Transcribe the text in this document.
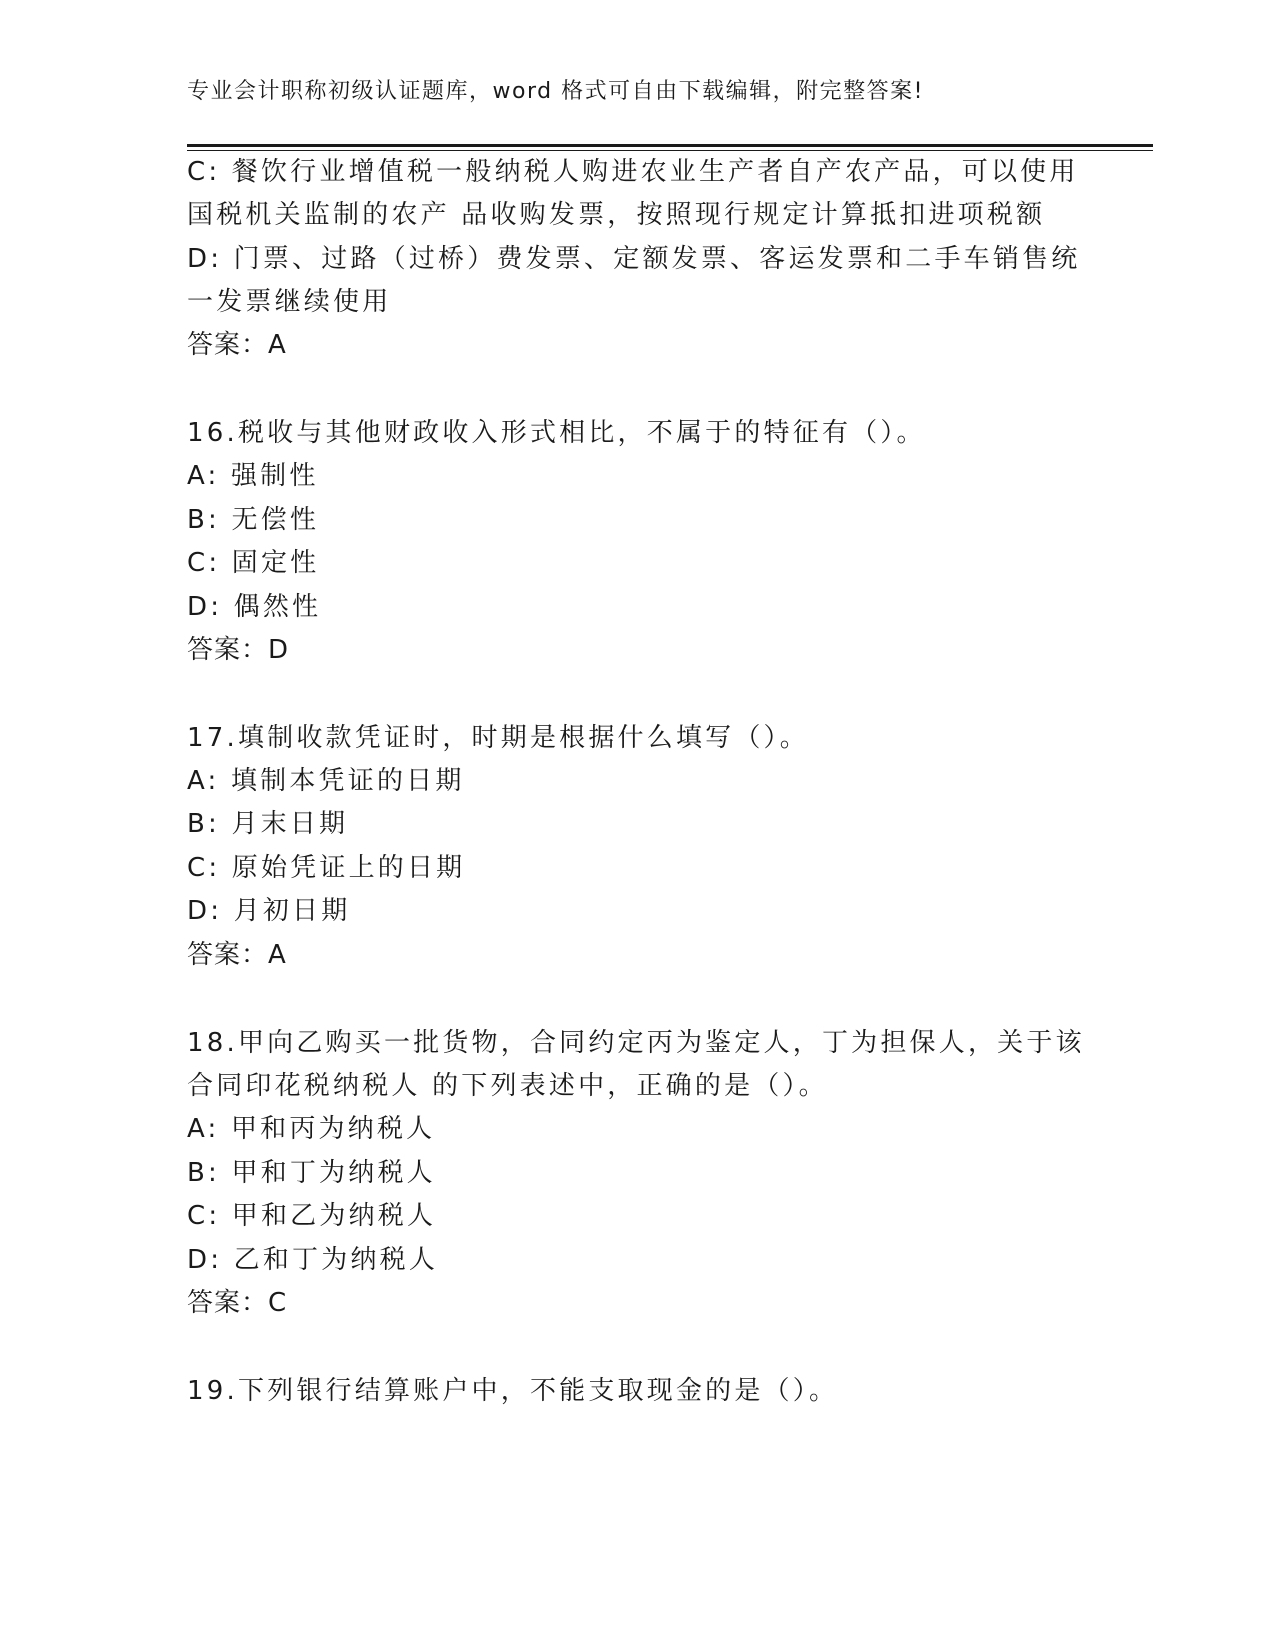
专业会计职称初级认证题库，word 格式可自由下载编辑，附完整答案!
C: 餐饮行业增值税一般纳税人购进农业生产者自产农产品，可以使用
国税机关监制的农产 品收购发票，按照现行规定计算抵扣进项税额
D: 门票、过路（过桥）费发票、定额发票、客运发票和二手车销售统
一发票继续使用
答案：A
16.税收与其他财政收入形式相比，不属于的特征有（）。
A: 强制性
B: 无偿性
C: 固定性
D: 偶然性
答案：D
17.填制收款凭证时，时期是根据什么填写（）。
A: 填制本凭证的日期
B: 月末日期
C: 原始凭证上的日期
D: 月初日期
答案：A
18.甲向乙购买一批货物，合同约定丙为鉴定人，丁为担保人，关于该
合同印花税纳税人 的下列表述中，正确的是（）。
A: 甲和丙为纳税人
B: 甲和丁为纳税人
C: 甲和乙为纳税人
D: 乙和丁为纳税人
答案：C
19.下列银行结算账户中，不能支取现金的是（）。
